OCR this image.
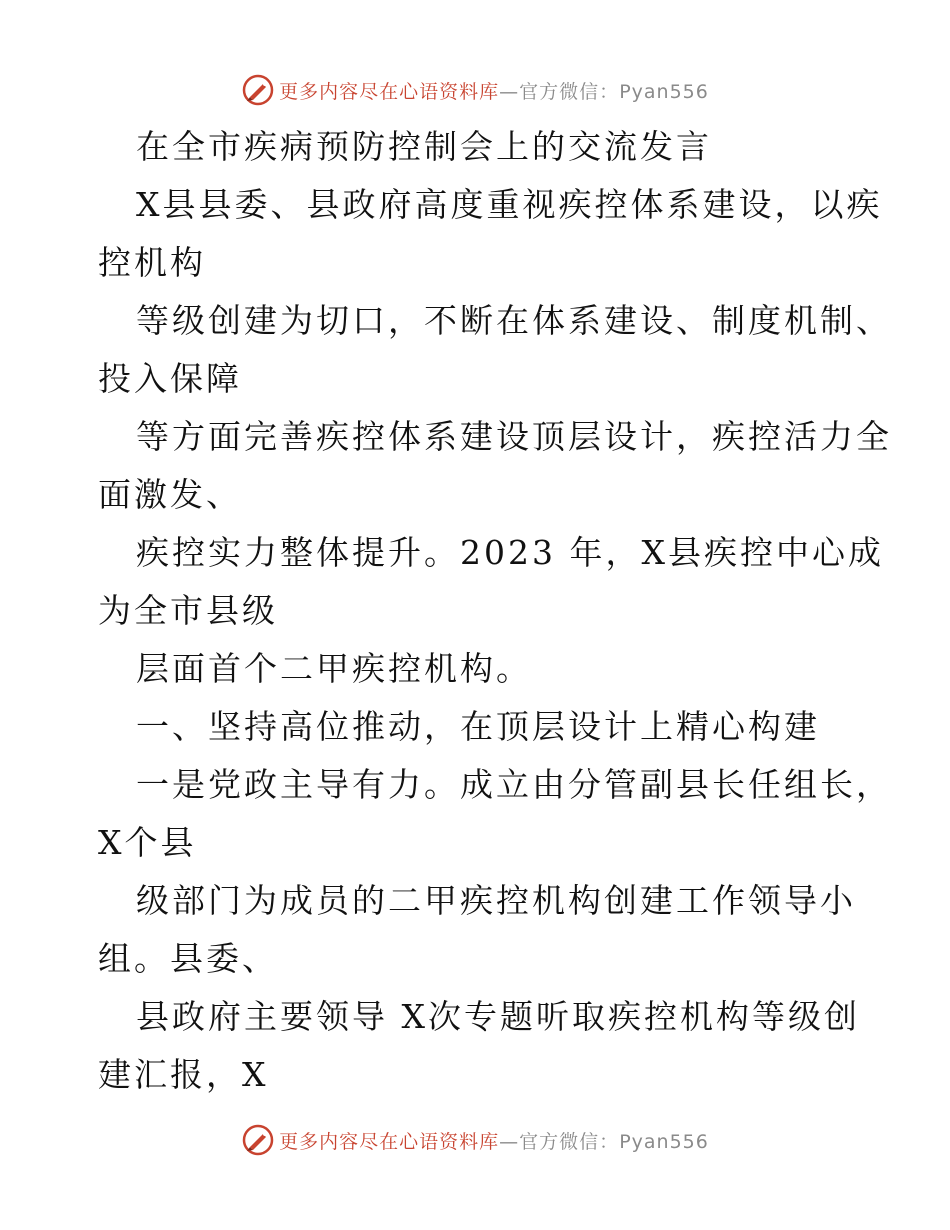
更多内容尽在心语资料库—官方微信：Pyan556
在全市疾病预防控制会上的交流发言
X县县委、县政府高度重视疾控体系建设，以疾
控机构
等级创建为切口，不断在体系建设、制度机制、
投入保障
等方面完善疾控体系建设顶层设计，疾控活力全
面激发、
疾控实力整体提升。2023 年，X县疾控中心成
为全市县级
层面首个二甲疾控机构。
一、坚持高位推动，在顶层设计上精心构建
一是党政主导有力。成立由分管副县长任组长，
X个县
级部门为成员的二甲疾控机构创建工作领导小
组。县委、
县政府主要领导 X次专题听取疾控机构等级创
建汇报，X
更多内容尽在心语资料库—官方微信：Pyan556
